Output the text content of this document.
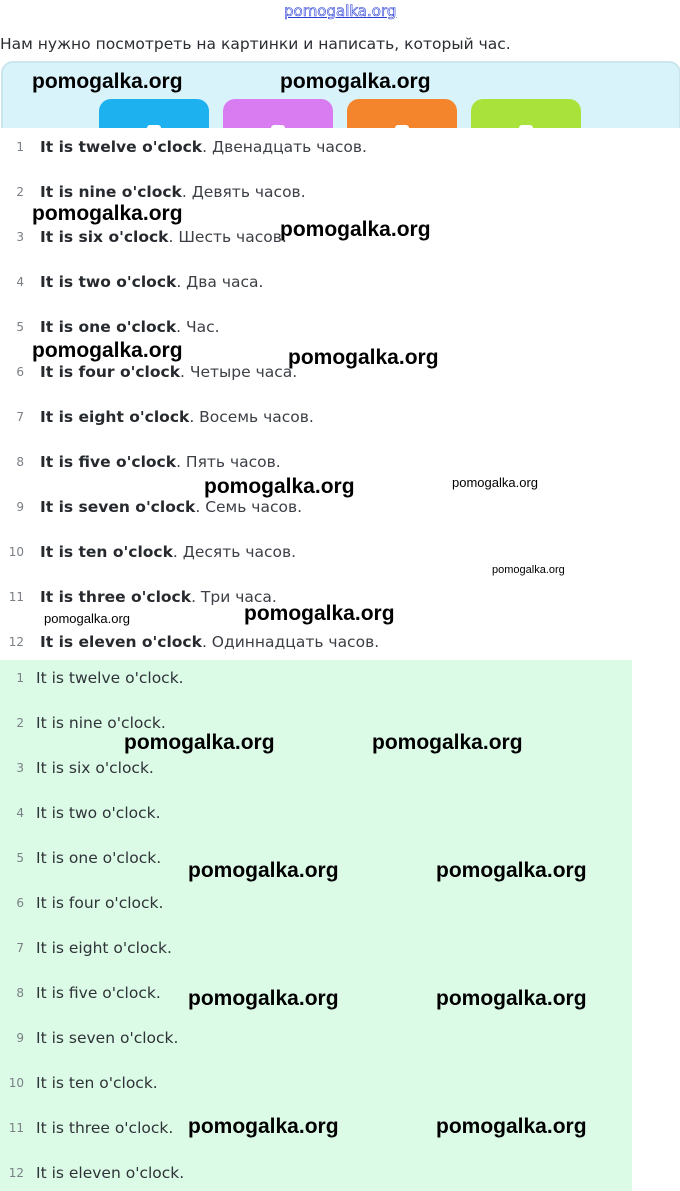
pomogalka.org
Нам нужно посмотреть на картинки и написать, который час.
1 It is twelve o'clock. Двенадцать часов.
2 It is nine o'clock. Девять часов.
3 It is six o'clock. Шесть часов.
4 It is two o'clock. Два часа.
5 It is one o'clock. Час.
6 It is four o'clock. Четыре часа.
7 It is eight o'clock. Восемь часов.
8 It is five o'clock. Пять часов.
9 It is seven o'clock. Семь часов.
10 It is ten o'clock. Десять часов.
11 It is three o'clock. Три часа.
12 It is eleven o'clock. Одиннадцать часов.
1 It is twelve o'clock.
2 It is nine o'clock.
3 It is six o'clock.
4 It is two o'clock.
5 It is one o'clock.
6 It is four o'clock.
7 It is eight o'clock.
8 It is five o'clock.
9 It is seven o'clock.
10 It is ten o'clock.
11 It is three o'clock.
12 It is eleven o'clock.
pomogalka.org	pomogalka.org
pomogalka.org
pomogalka.org
pomogalka.org	pomogalka.org
pomogalka.org	pomogalka.org
pomogalka.org
pomogalka.org	pomogalka.org
pomogalka.org	pomogalka.org
pomogalka.org	pomogalka.org
pomogalka.org	pomogalka.org
pomogalka.org	pomogalka.org
